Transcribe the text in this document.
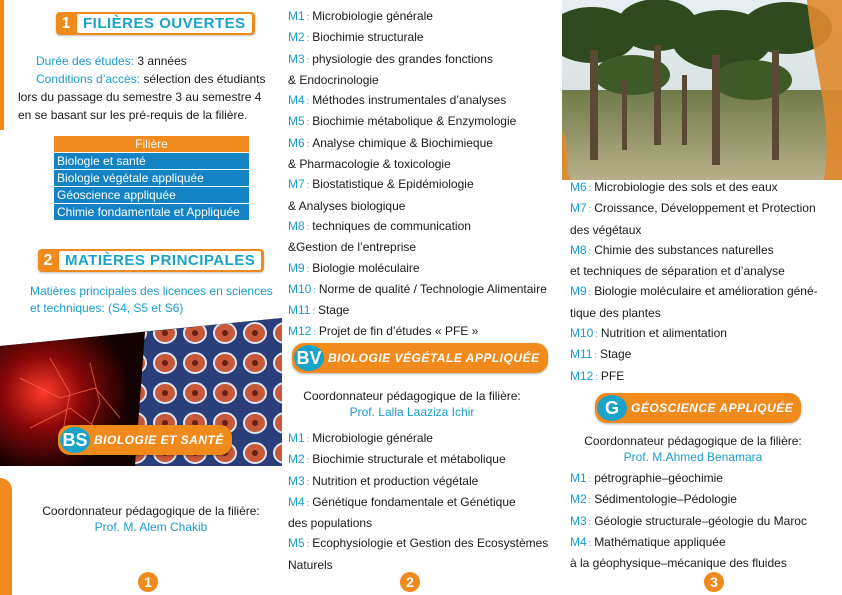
1 FILIÈRES OUVERTES
Durée des études: 3 années
Conditions d’accès: sélection des étudiants
lors du passage du semestre 3 au semestre 4
en se basant sur les pré-requis de la filière.
Filière
Biologie et santé
Biologie végétale appliquée
Géoscience appliquée
Chimie fondamentale et Appliquée
2 MATIÈRES PRINCIPALES
Matières principales des licences en sciences
et techniques: (S4, S5 et S6)
BS BIOLOGIE ET SANTÉ
Coordonnateur pédagogique de la filière:
Prof. M. Alem Chakib
1
M1 : Microbiologie générale
M2 : Biochimie structurale
M3 : physiologie des grandes fonctions
& Endocrinologie
M4 : Méthodes instrumentales d’analyses
M5 : Biochimie métabolique & Enzymologie
M6 : Analyse chimique & Biochimieque
& Pharmacologie & toxicologie
M7 : Biostatistique & Epidémiologie
& Analyses biologique
M8 : techniques de communication
&Gestion de l’entreprise
M9 : Biologie moléculaire
M10 : Norme de qualité / Technologie Alimentaire
M11 : Stage
M12 : Projet de fin d’études « PFE »
BV BIOLOGIE VÉGÉTALE APPLIQUÉE
Coordonnateur pédagogique de la filière:
Prof. Lalla Laaziza Ichir
M1 : Microbiologie générale
M2 : Biochimie structurale et métabolique
M3 : Nutrition et production végétale
M4 : Génétique fondamentale et Génétique
des populations
M5 : Ecophysiologie et Gestion des Ecosystèmes
Naturels
2
M6 : Microbiologie des sols et des eaux
M7 : Croissance, Développement et Protection
des végétaux
M8 : Chimie des substances naturelles
et techniques de séparation et d’analyse
M9 : Biologie moléculaire et amélioration géné-
tique des plantes
M10 : Nutrition et alimentation
M11 : Stage
M12 : PFE
G	GÉOSCIENCE APPLIQUÉE
Coordonnateur pédagogique de la filière:
Prof. M.Ahmed Benamara
M1 : pétrographie–géochimie
M2 : Sédimentologie–Pédologie
M3 : Géologie structurale–géologie du Maroc
M4 : Mathématique appliquée
à la géophysique–mécanique des fluides
3
